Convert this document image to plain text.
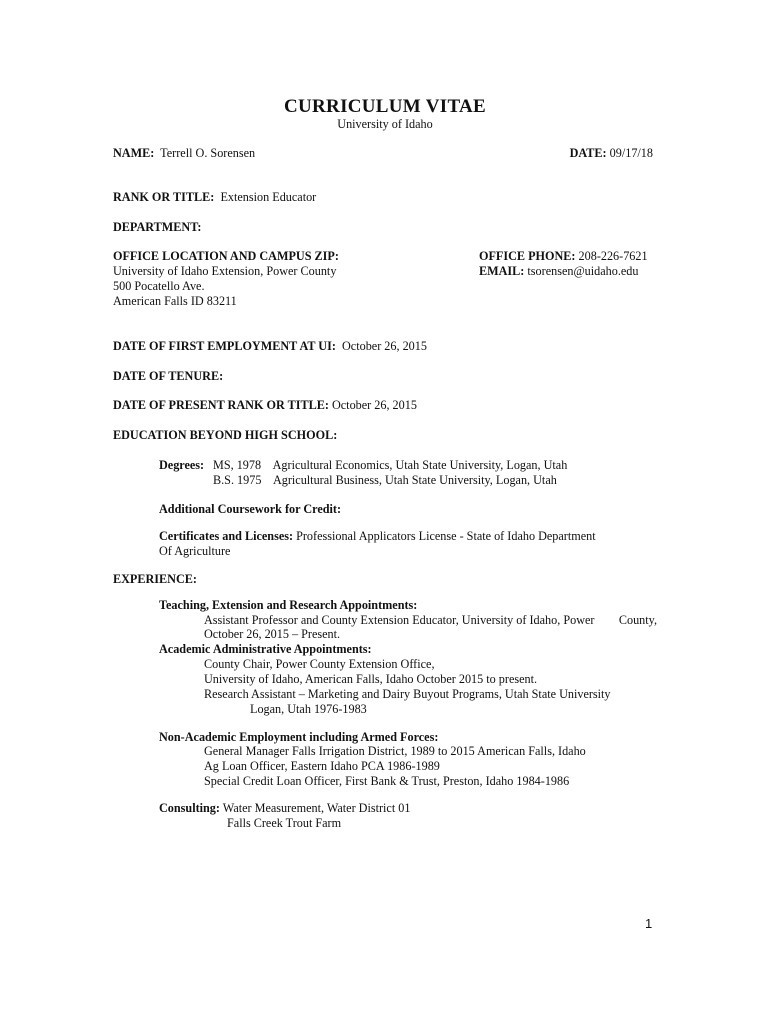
CURRICULUM VITAE
University of Idaho
NAME: Terrell O. Sorensen	DATE: 09/17/18
RANK OR TITLE: Extension Educator
DEPARTMENT:
OFFICE LOCATION AND CAMPUS ZIP:
University of Idaho Extension, Power County
500 Pocatello Ave.
American Falls ID 83211
OFFICE PHONE: 208-226-7621
EMAIL: tsorensen@uidaho.edu
DATE OF FIRST EMPLOYMENT AT UI: October 26, 2015
DATE OF TENURE:
DATE OF PRESENT RANK OR TITLE: October 26, 2015
EDUCATION BEYOND HIGH SCHOOL:
Degrees: MS, 1978 Agricultural Economics, Utah State University, Logan, Utah
B.S. 1975 Agricultural Business, Utah State University, Logan, Utah
Additional Coursework for Credit:
Certificates and Licenses: Professional Applicators License - State of Idaho Department
Of Agriculture
EXPERIENCE:
Teaching, Extension and Research Appointments:
Assistant Professor and County Extension Educator, University of Idaho, Power County,
October 26, 2015 – Present.
Academic Administrative Appointments:
County Chair, Power County Extension Office,
University of Idaho, American Falls, Idaho October 2015 to present.
Research Assistant – Marketing and Dairy Buyout Programs, Utah State University
Logan, Utah 1976-1983
Non-Academic Employment including Armed Forces:
General Manager Falls Irrigation District, 1989 to 2015 American Falls, Idaho
Ag Loan Officer, Eastern Idaho PCA 1986-1989
Special Credit Loan Officer, First Bank & Trust, Preston, Idaho 1984-1986
Consulting: Water Measurement, Water District 01
Falls Creek Trout Farm
1
